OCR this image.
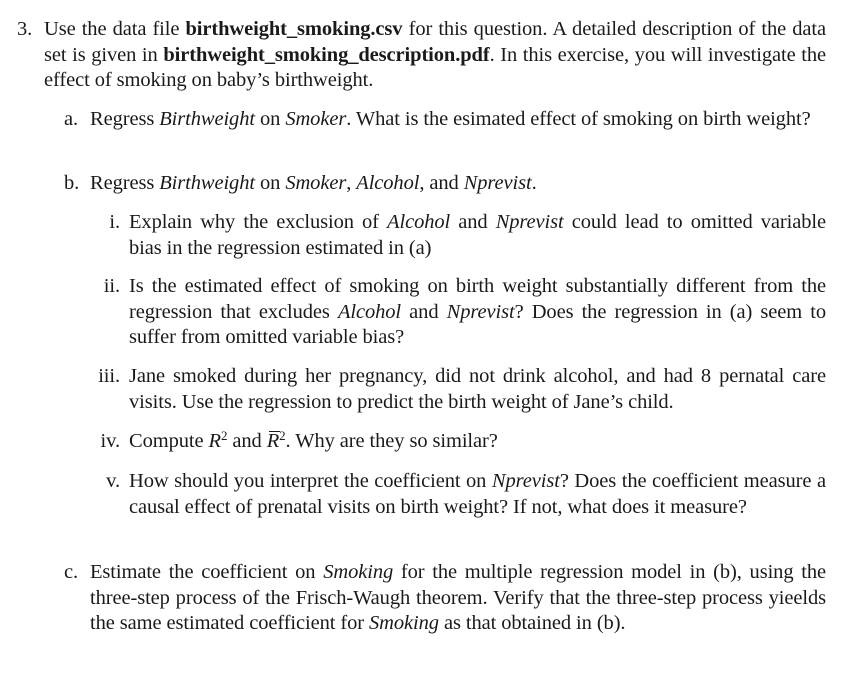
3. Use the data file birthweight_smoking.csv for this question. A detailed description of the data set is given in birthweight_smoking_description.pdf. In this exercise, you will investigate the effect of smoking on baby’s birthweight.
a. Regress Birthweight on Smoker. What is the esimated effect of smoking on birth weight?
b. Regress Birthweight on Smoker, Alcohol, and Nprevist.
i. Explain why the exclusion of Alcohol and Nprevist could lead to omitted variable bias in the regression estimated in (a)
ii. Is the estimated effect of smoking on birth weight substantially different from the regression that excludes Alcohol and Nprevist? Does the regression in (a) seem to suffer from omitted variable bias?
iii. Jane smoked during her pregnancy, did not drink alcohol, and had 8 pernatal care visits. Use the regression to predict the birth weight of Jane’s child.
iv. Compute $R^2$ and $R^2$. Why are they so similar?
v. How should you interpret the coefficient on Nprevist? Does the coefficient measure a causal effect of prenatal visits on birth weight? If not, what does it measure?
c. Estimate the coefficient on Smoking for the multiple regression model in (b), using the three-step process of the Frisch-Waugh theorem. Verify that the three-step process yieelds the same estimated coefficient for Smoking as that obtained in (b).
